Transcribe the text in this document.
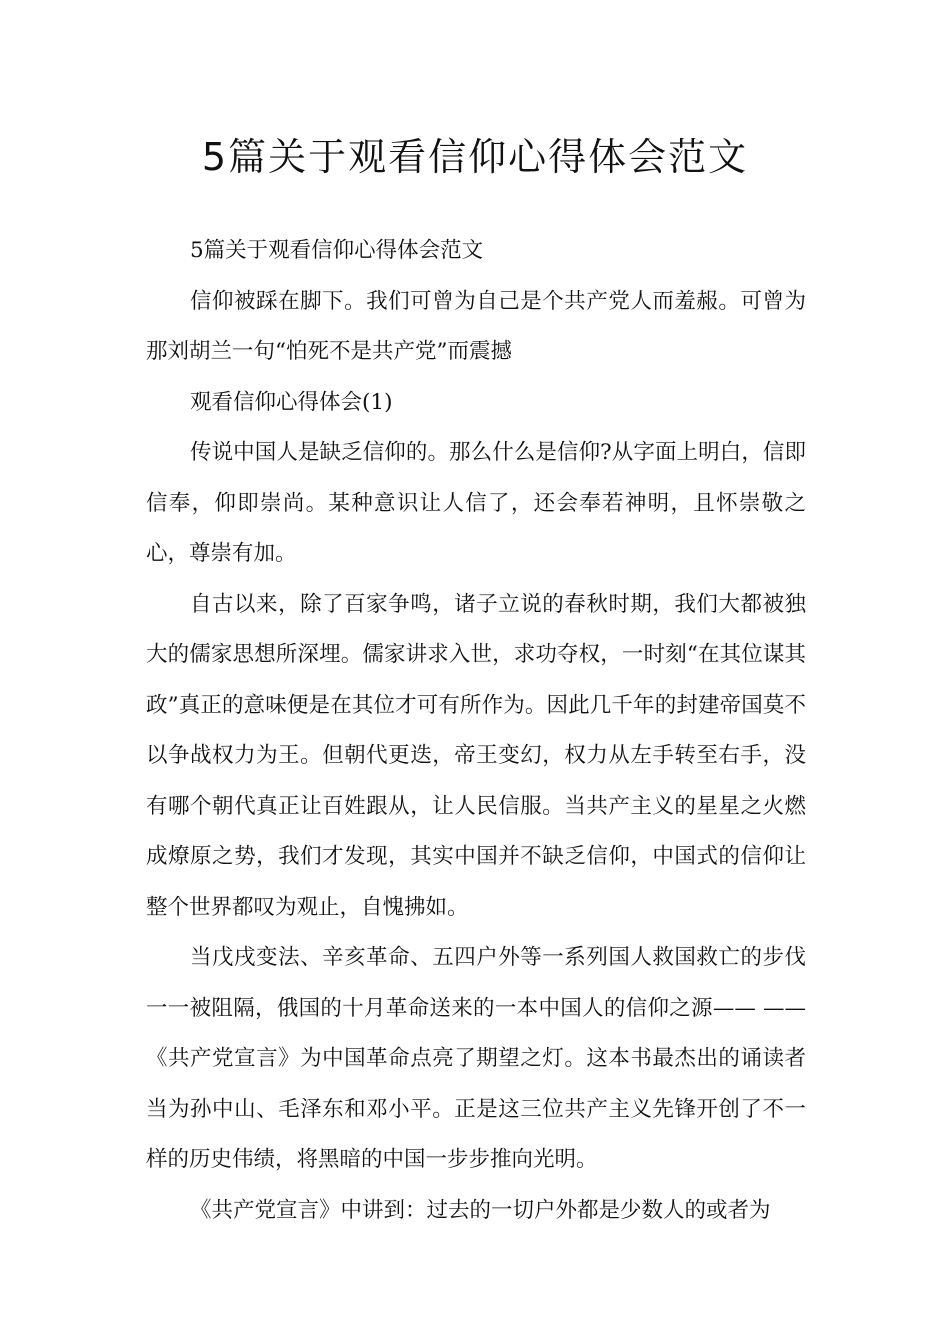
5篇关于观看信仰心得体会范文

5篇关于观看信仰心得体会范文

信仰被踩在脚下。我们可曾为自己是个共产党人而羞赧。可曾为那刘胡兰一句“怕死不是共产党”而震撼

观看信仰心得体会(1)

传说中国人是缺乏信仰的。那么什么是信仰?从字面上明白，信即信奉，仰即崇尚。某种意识让人信了，还会奉若神明，且怀崇敬之心，尊崇有加。

自古以来，除了百家争鸣，诸子立说的春秋时期，我们大都被独大的儒家思想所深埋。儒家讲求入世，求功夺权，一时刻“在其位谋其政”真正的意味便是在其位才可有所作为。因此几千年的封建帝国莫不以争战权力为王。但朝代更迭，帝王变幻，权力从左手转至右手，没有哪个朝代真正让百姓跟从，让人民信服。当共产主义的星星之火燃成燎原之势，我们才发现，其实中国并不缺乏信仰，中国式的信仰让整个世界都叹为观止，自愧拂如。

当戊戌变法、辛亥革命、五四户外等一系列国人救国救亡的步伐一一被阻隔，俄国的十月革命送来的一本中国人的信仰之源—— ——《共产党宣言》为中国革命点亮了期望之灯。这本书最杰出的诵读者当为孙中山、毛泽东和邓小平。正是这三位共产主义先锋开创了不一样的历史伟绩，将黑暗的中国一步步推向光明。

《共产党宣言》中讲到：过去的一切户外都是少数人的或者为
